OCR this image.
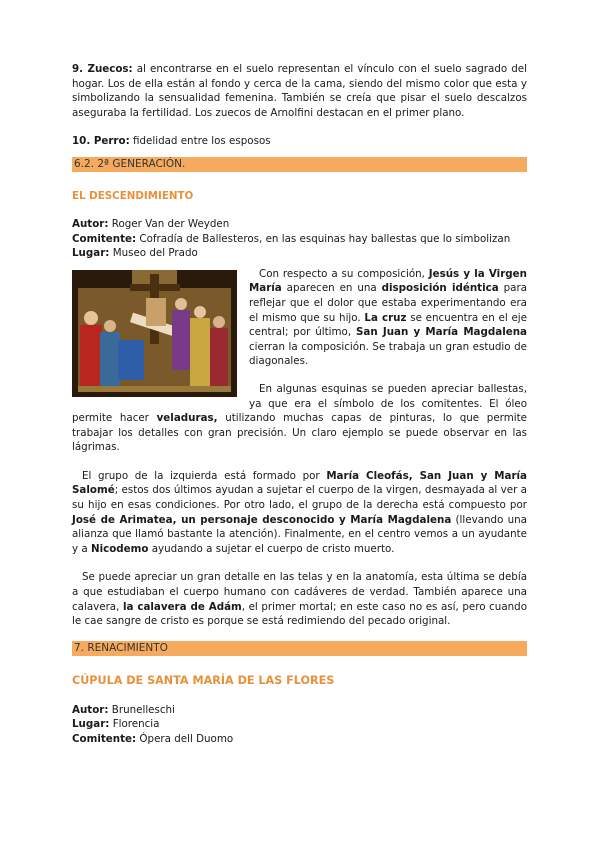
9. Zuecos: al encontrarse en el suelo representan el vínculo con el suelo sagrado del hogar. Los de ella están al fondo y cerca de la cama, siendo del mismo color que esta y simbolizando la sensualidad femenina. También se creía que pisar el suelo descalzos aseguraba la fertilidad. Los zuecos de Arnolfini destacan en el primer plano.

10. Perro: fidelidad entre los esposos

6.2. 2ª GENERACIÓN.
EL DESCENDIMIENTO

Autor: Roger Van der Weyden

Comitente: Cofradía de Ballesteros, en las esquinas hay ballestas que lo simbolizan

Lugar: Museo del Prado

Con respecto a su composición, Jesús y la Virgen María aparecen en una disposición idéntica para reflejar que el dolor que estaba experimentando era el mismo que su hijo. La cruz se encuentra en el eje central; por último, San Juan y María Magdalena cierran la composición. Se trabaja un gran estudio de diagonales.

En algunas esquinas se pueden apreciar ballestas, ya que era el símbolo de los comitentes. El óleo permite hacer veladuras, utilizando muchas capas de pinturas, lo que permite trabajar los detalles con gran precisión. Un claro ejemplo se puede observar en las lágrimas.

El grupo de la izquierda está formado por María Cleofás, San Juan y María Salomé; estos dos últimos ayudan a sujetar el cuerpo de la virgen, desmayada al ver a su hijo en esas condiciones. Por otro lado, el grupo de la derecha está compuesto por José de Arimatea, un personaje desconocido y María Magdalena (llevando una alianza que llamó bastante la atención). Finalmente, en el centro vemos a un ayudante y a Nicodemo ayudando a sujetar el cuerpo de cristo muerto.

Se puede apreciar un gran detalle en las telas y en la anatomía, esta última se debía a que estudiaban el cuerpo humano con cadáveres de verdad. También aparece una calavera, la calavera de Adám, el primer mortal; en este caso no es así, pero cuando le cae sangre de cristo es porque se está redimiendo del pecado original.

7. RENACIMIENTO
CÚPULA DE SANTA MARÍA DE LAS FLORES

Autor: Brunelleschi

Lugar: Florencia

Comitente: Ópera dell Duomo
